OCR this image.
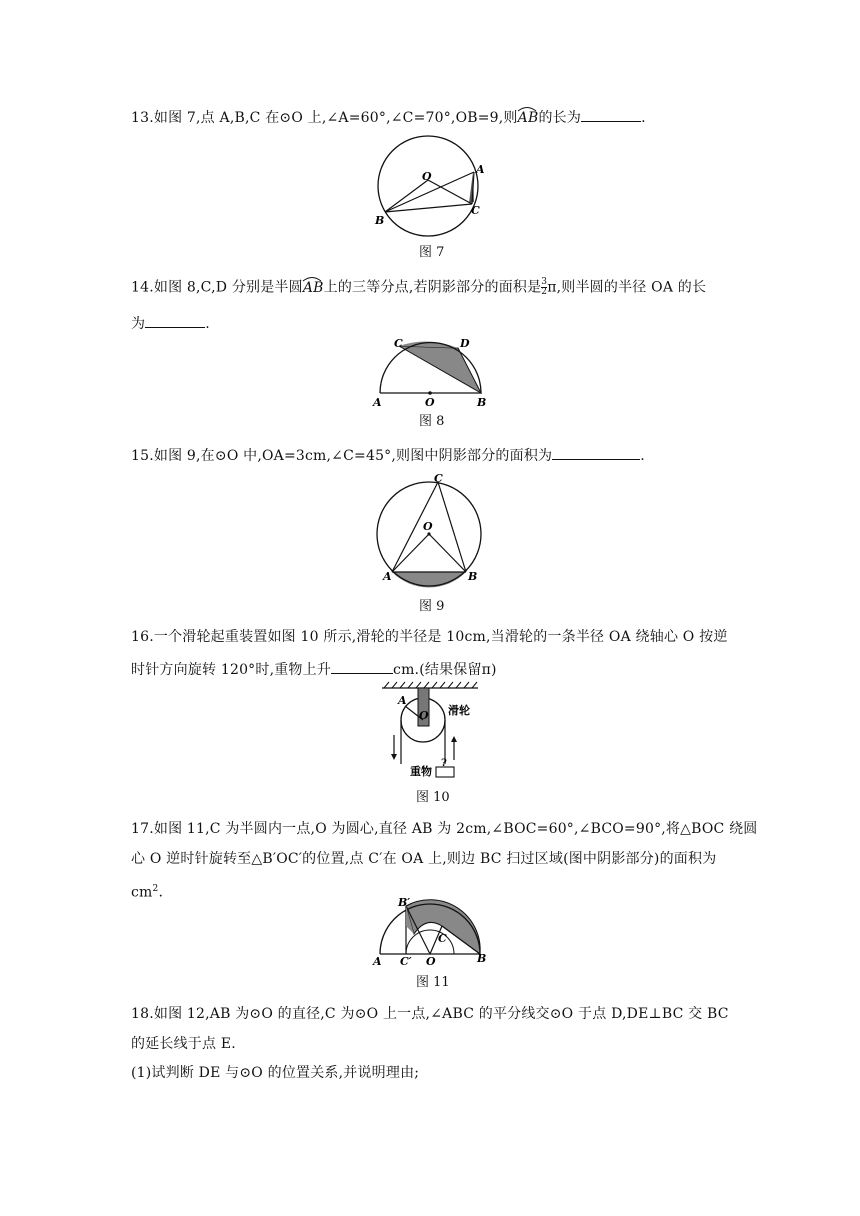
13.如图 7,点 A,B,C 在⊙O 上,∠A=60°,∠C=70°,OB=9,则AB
的长为	.
O
A
B
C
图 7
14.如图 8,C,D 分别是半圆AB
上的三等分点,若阴影部分的面积是 $\frac{3}{2} \pi$,则半圆的半径 OA 的长
为	.
A	O	B
C	D
图 8
15.如图 9,在⊙O 中,OA=3cm,∠C=45°,则图中阴影部分的面积为	.
C
O
A	B
图 9
16.一个滑轮起重装置如图 10 所示,滑轮的半径是 10cm,当滑轮的一条半径 OA 绕轴心 O 按逆
时针方向旋转 120°时,重物上升	cm.(结果保留π)
A
O 滑轮
重物
?
图 10
17.如图 11,C 为半圆内一点,O 为圆心,直径 AB 为 2cm,∠BOC=60°,∠BCO=90°,将△BOC 绕圆
心 O 逆时针旋转至△B′OC′的位置,点 C′在 OA 上,则边 BC 扫过区域(图中阴影部分)的面积为
$cm^2$.
A C′ O
C
B
B′
图 11
18.如图 12,AB 为⊙O 的直径,C 为⊙O 上一点,∠ABC 的平分线交⊙O 于点 D,DE⊥BC 交 BC
的延长线于点 E.
(1)试判断 DE 与⊙O 的位置关系,并说明理由;
